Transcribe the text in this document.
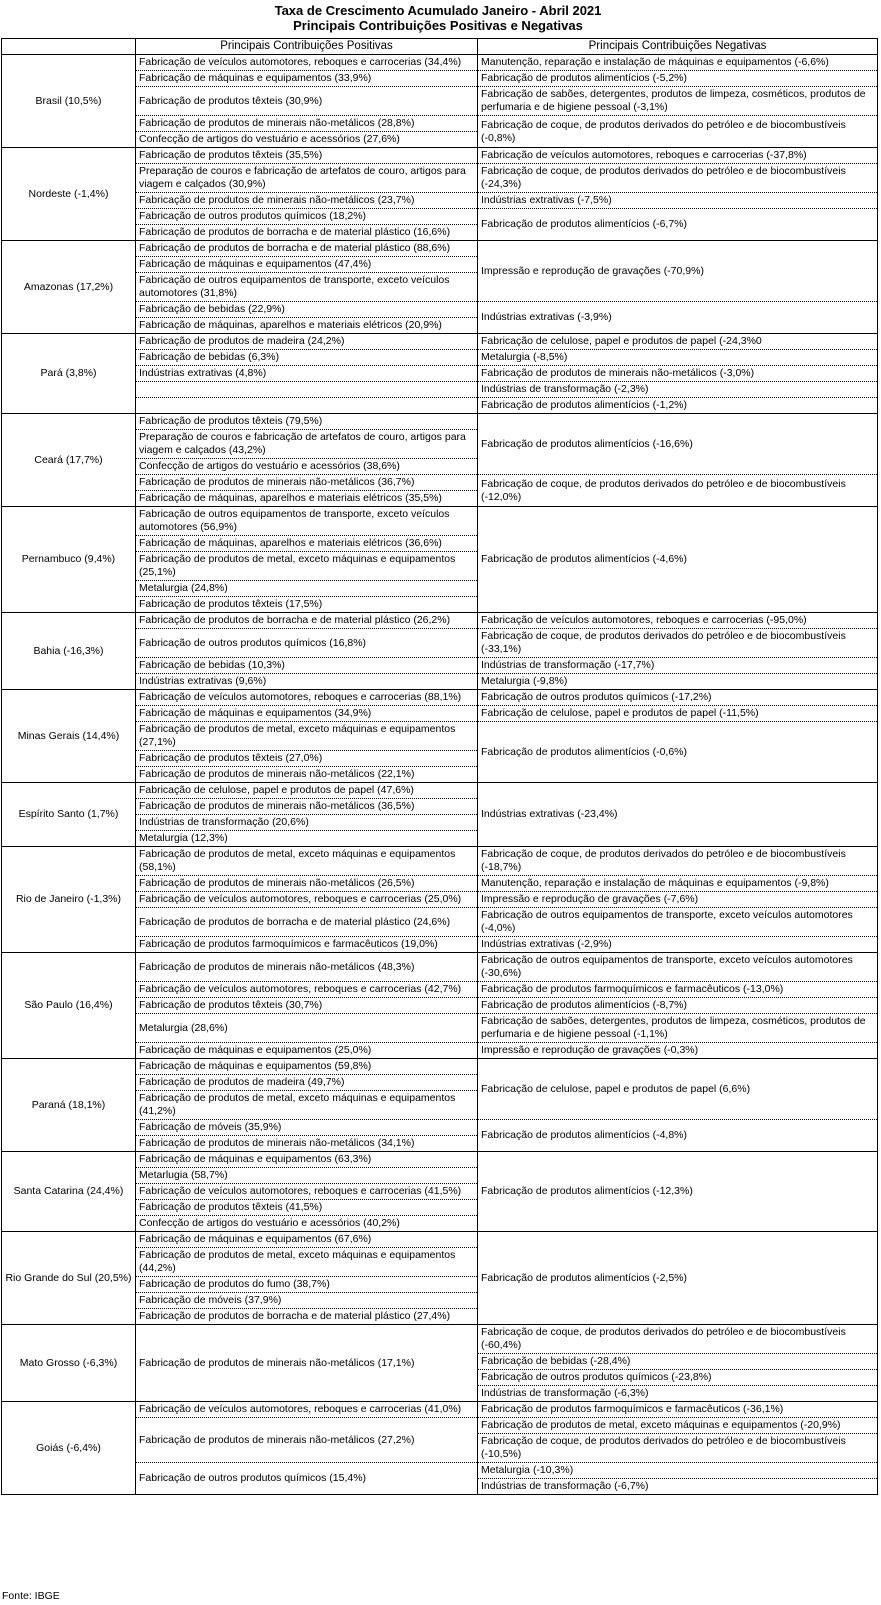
Taxa de Crescimento Acumulado Janeiro - Abril 2021
Principais Contribuições Positivas e Negativas
	Principais Contribuições Positivas	Principais Contribuições Negativas
Brasil (10,5%)	Fabricação de veículos automotores, reboques e carrocerias (34,4%)	Manutenção, reparação e instalação de máquinas e equipamentos (-6,6%)
	Fabricação de máquinas e equipamentos (33,9%)	Fabricação de produtos alimentícios (-5,2%)
	Fabricação de produtos têxteis (30,9%)	Fabricação de sabões, detergentes, produtos de limpeza, cosméticos, produtos de perfumaria e de higiene pessoal (-3,1%)
	Fabricação de produtos de minerais não-metálicos (28,8%)	Fabricação de coque, de produtos derivados do petróleo e de biocombustíveis (-0,8%)
	Confecção de artigos do vestuário e acessórios (27,6%)	
Nordeste (-1,4%)	Fabricação de produtos têxteis (35,5%)	Fabricação de veículos automotores, reboques e carrocerias (-37,8%)
	Preparação de couros e fabricação de artefatos de couro, artigos para viagem e calçados (30,9%)	Fabricação de coque, de produtos derivados do petróleo e de biocombustíveis (-24,3%)
	Fabricação de produtos de minerais não-metálicos (23,7%)	Indústrias extrativas (-7,5%)
	Fabricação de outros produtos químicos (18,2%)	Fabricação de produtos alimentícios (-6,7%)
	Fabricação de produtos de borracha e de material plástico (16,6%)	
Amazonas (17,2%)	Fabricação de produtos de borracha e de material plástico (88,6%)	Impressão e reprodução de gravações (-70,9%)
	Fabricação de máquinas e equipamentos (47,4%)	
	Fabricação de outros equipamentos de transporte, exceto veículos automotores (31,8%)	
	Fabricação de bebidas (22,9%)	Indústrias extrativas (-3,9%)
	Fabricação de máquinas, aparelhos e materiais elétricos (20,9%)	
Pará (3,8%)	Fabricação de produtos de madeira (24,2%)	Fabricação de celulose, papel e produtos de papel (-24,3%0
	Fabricação de bebidas (6,3%)	Metalurgia (-8,5%)
	Indústrias extrativas (4,8%)	Fabricação de produtos de minerais não-metálicos (-3,0%)
		Indústrias de transformação (-2,3%)
		Fabricação de produtos alimentícios (-1,2%)
Ceará (17,7%)	Fabricação de produtos têxteis (79,5%)	Fabricação de produtos alimentícios (-16,6%)
	Preparação de couros e fabricação de artefatos de couro, artigos para viagem e calçados (43,2%)	
	Confecção de artigos do vestuário e acessórios (38,6%)	
	Fabricação de produtos de minerais não-metálicos (36,7%)	Fabricação de coque, de produtos derivados do petróleo e de biocombustíveis (-12,0%)
	Fabricação de máquinas, aparelhos e materiais elétricos (35,5%)	
Pernambuco (9,4%)	Fabricação de outros equipamentos de transporte, exceto veículos automotores (56,9%)	Fabricação de produtos alimentícios (-4,6%)
	Fabricação de máquinas, aparelhos e materiais elétricos (36,6%)	
	Fabricação de produtos de metal, exceto máquinas e equipamentos (25,1%)	
	Metalurgia (24,8%)	
	Fabricação de produtos têxteis (17,5%)	
Bahia (-16,3%)	Fabricação de produtos de borracha e de material plástico (26,2%)	Fabricação de veículos automotores, reboques e carrocerias (-95,0%)
	Fabricação de outros produtos químicos (16,8%)	Fabricação de coque, de produtos derivados do petróleo e de biocombustíveis (-33,1%)
	Fabricação de bebidas (10,3%)	Indústrias de transformação (-17,7%)
	Indústrias extrativas (9,6%)	Metalurgia (-9,8%)
Minas Gerais (14,4%)	Fabricação de veículos automotores, reboques e carrocerias (88,1%)	Fabricação de outros produtos químicos (-17,2%)
	Fabricação de máquinas e equipamentos (34,9%)	Fabricação de celulose, papel e produtos de papel (-11,5%)
	Fabricação de produtos de metal, exceto máquinas e equipamentos (27,1%)	Fabricação de produtos alimentícios (-0,6%)
	Fabricação de produtos têxteis (27,0%)	
	Fabricação de produtos de minerais não-metálicos (22,1%)	
Espírito Santo (1,7%)	Fabricação de celulose, papel e produtos de papel (47,6%)	Indústrias extrativas (-23,4%)
	Fabricação de produtos de minerais não-metálicos (36,5%)	
	Indústrias de transformação (20,6%)	
	Metalurgia (12,3%)	
Rio de Janeiro (-1,3%)	Fabricação de produtos de metal, exceto máquinas e equipamentos (58,1%)	Fabricação de coque, de produtos derivados do petróleo e de biocombustíveis (-18,7%)
	Fabricação de produtos de minerais não-metálicos (26,5%)	Manutenção, reparação e instalação de máquinas e equipamentos (-9,8%)
	Fabricação de veículos automotores, reboques e carrocerias (25,0%)	Impressão e reprodução de gravações (-7,6%)
	Fabricação de produtos de borracha e de material plástico (24,6%)	Fabricação de outros equipamentos de transporte, exceto veículos automotores (-4,0%)
	Fabricação de produtos farmoquímicos e farmacêuticos (19,0%)	Indústrias extrativas (-2,9%)
São Paulo (16,4%)	Fabricação de produtos de minerais não-metálicos (48,3%)	Fabricação de outros equipamentos de transporte, exceto veículos automotores (-30,6%)
	Fabricação de veículos automotores, reboques e carrocerias (42,7%)	Fabricação de produtos farmoquímicos e farmacêuticos (-13,0%)
	Fabricação de produtos têxteis (30,7%)	Fabricação de produtos alimentícios (-8,7%)
	Metalurgia (28,6%)	Fabricação de sabões, detergentes, produtos de limpeza, cosméticos, produtos de perfumaria e de higiene pessoal (-1,1%)
	Fabricação de máquinas e equipamentos (25,0%)	Impressão e reprodução de gravações (-0,3%)
Paraná (18,1%)	Fabricação de máquinas e equipamentos (59,8%)	Fabricação de celulose, papel e produtos de papel (6,6%)
	Fabricação de produtos de madeira (49,7%)	
	Fabricação de produtos de metal, exceto máquinas e equipamentos (41,2%)	
	Fabricação de móveis (35,9%)	Fabricação de produtos alimentícios (-4,8%)
	Fabricação de produtos de minerais não-metálicos (34,1%)	
Santa Catarina (24,4%)	Fabricação de máquinas e equipamentos (63,3%)	Fabricação de produtos alimentícios (-12,3%)
	Metarlugia (58,7%)	
	Fabricação de veículos automotores, reboques e carrocerias (41,5%)	
	Fabricação de produtos têxteis (41,5%)	
	Confecção de artigos do vestuário e acessórios (40,2%)	
Rio Grande do Sul (20,5%)	Fabricação de máquinas e equipamentos (67,6%)	Fabricação de produtos alimentícios (-2,5%)
	Fabricação de produtos de metal, exceto máquinas e equipamentos (44,2%)	
	Fabricação de produtos do fumo (38,7%)	
	Fabricação de móveis (37,9%)	
	Fabricação de produtos de borracha e de material plástico (27,4%)	
Mato Grosso (-6,3%)	Fabricação de produtos de minerais não-metálicos (17,1%)	Fabricação de coque, de produtos derivados do petróleo e de biocombustíveis (-60,4%)
		Fabricação de bebidas (-28,4%)
		Fabricação de outros produtos químicos (-23,8%)
		Indústrias de transformação (-6,3%)
Goiás (-6,4%)	Fabricação de veículos automotores, reboques e carrocerias (41,0%)	Fabricação de produtos farmoquímicos e farmacêuticos (-36,1%)
	Fabricação de produtos de minerais não-metálicos (27,2%)	Fabricação de produtos de metal, exceto máquinas e equipamentos (-20,9%)
		Fabricação de coque, de produtos derivados do petróleo e de biocombustíveis (-10,5%)
	Fabricação de outros produtos químicos (15,4%)	Metalurgia (-10,3%)
		Indústrias de transformação (-6,7%)
Fonte: IBGE
